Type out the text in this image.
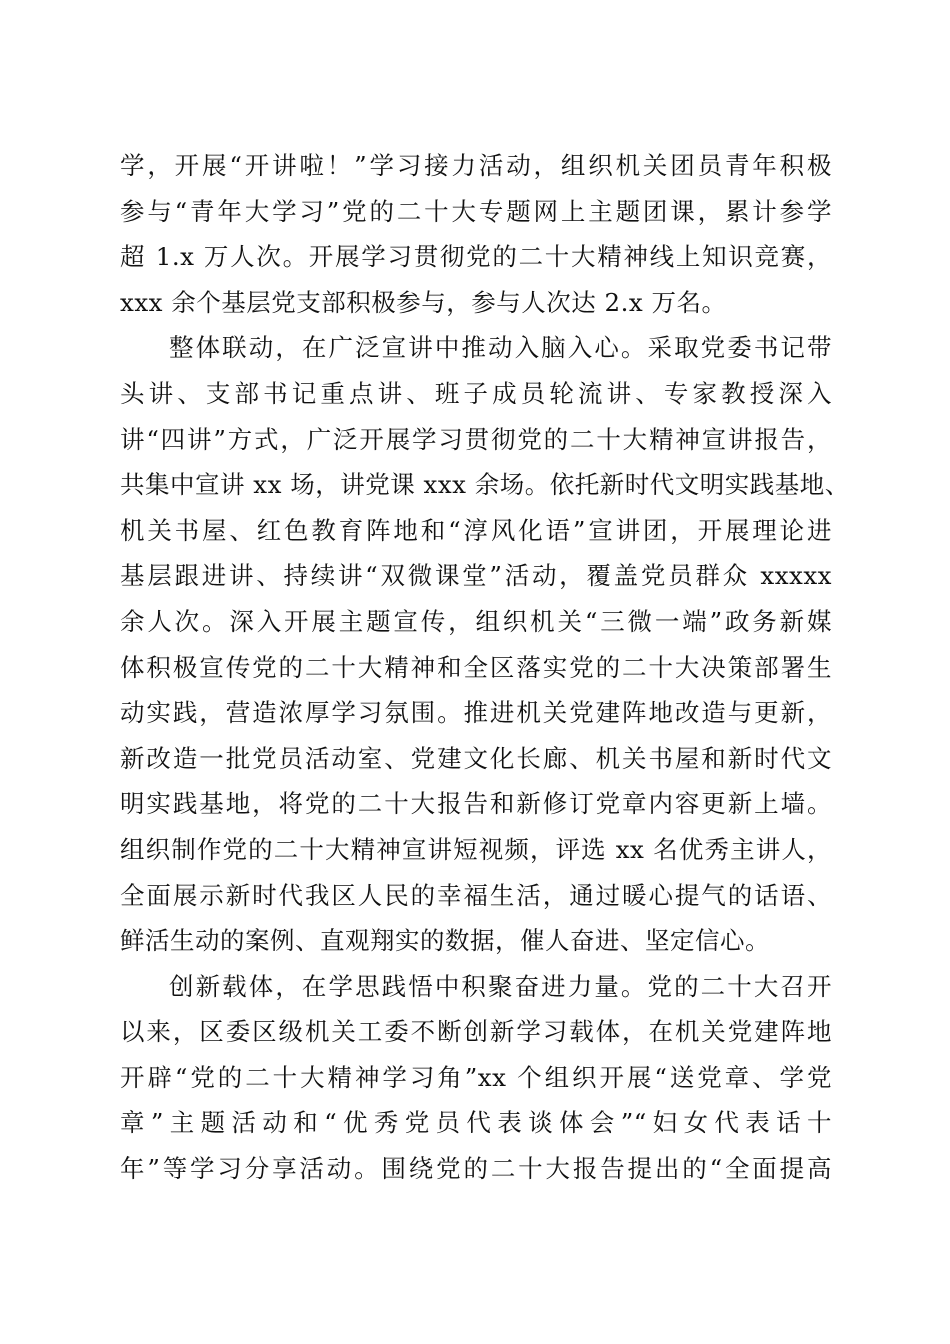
学，开展“开讲啦！”学习接力活动，组织机关团员青年积极
参与“青年大学习”党的二十大专题网上主题团课，累计参学
超 1.x 万人次。开展学习贯彻党的二十大精神线上知识竞赛，
xxx 余个基层党支部积极参与，参与人次达 2.x 万名。
整体联动，在广泛宣讲中推动入脑入心。采取党委书记带
头讲、支部书记重点讲、班子成员轮流讲、专家教授深入
讲“四讲”方式，广泛开展学习贯彻党的二十大精神宣讲报告，
共集中宣讲 xx 场，讲党课 xxx 余场。依托新时代文明实践基地、
机关书屋、红色教育阵地和“淳风化语”宣讲团，开展理论进
基层跟进讲、持续讲“双微课堂”活动，覆盖党员群众 xxxxx
余人次。深入开展主题宣传，组织机关“三微一端”政务新媒
体积极宣传党的二十大精神和全区落实党的二十大决策部署生
动实践，营造浓厚学习氛围。推进机关党建阵地改造与更新，
新改造一批党员活动室、党建文化长廊、机关书屋和新时代文
明实践基地，将党的二十大报告和新修订党章内容更新上墙。
组织制作党的二十大精神宣讲短视频，评选 xx 名优秀主讲人，
全面展示新时代我区人民的幸福生活，通过暖心提气的话语、
鲜活生动的案例、直观翔实的数据，催人奋进、坚定信心。
创新载体，在学思践悟中积聚奋进力量。党的二十大召开
以来，区委区级机关工委不断创新学习载体，在机关党建阵地
开辟“党的二十大精神学习角”xx 个组织开展“送党章、学党
章”主题活动和“优秀党员代表谈体会”“妇女代表话十
年”等学习分享活动。围绕党的二十大报告提出的“全面提高
